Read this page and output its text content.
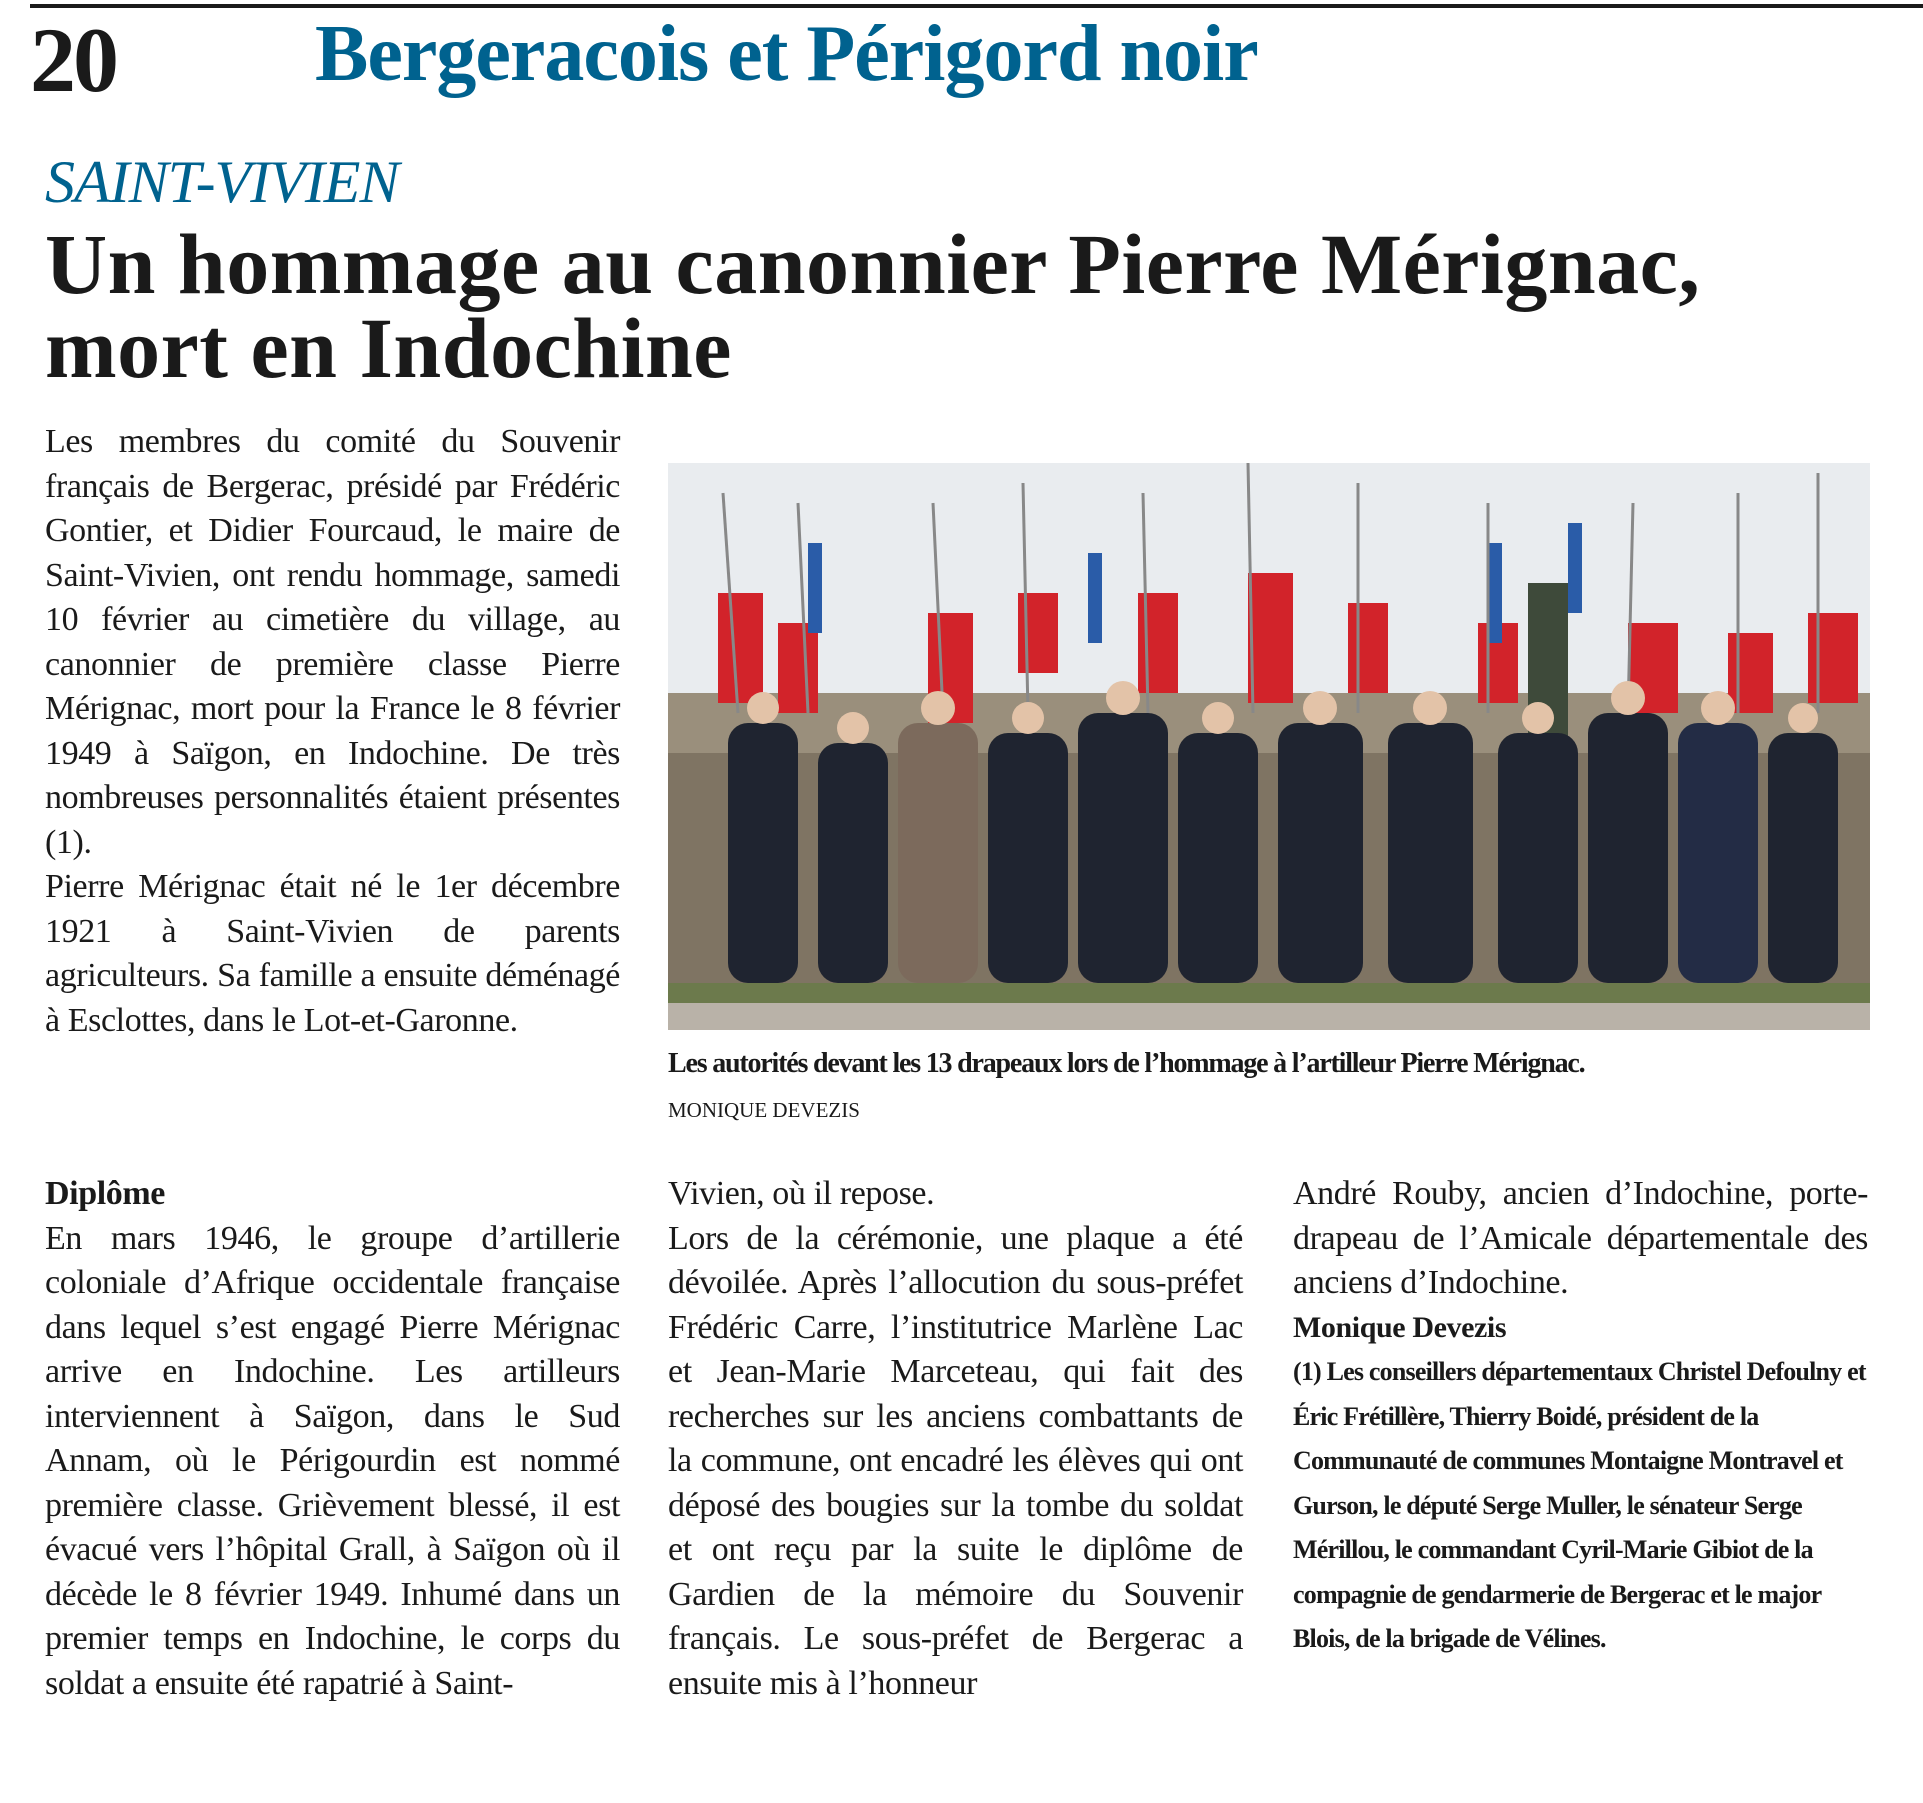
20 Bergeracois et Périgord noir
SAINT-VIVIEN
Un hommage au canonnier Pierre Mérignac,
mort en Indochine

Les membres du comité du Souvenir français de Bergerac, présidé par Frédéric Gontier, et Didier Fourcaud, le maire de Saint-Vivien, ont rendu hommage, samedi 10 février au cimetière du village, au canonnier de première classe Pierre Mérignac, mort pour la France le 8 février 1949 à Saïgon, en Indochine. De très nombreuses personnalités étaient présentes (1).

Pierre Mérignac était né le 1er décembre 1921 à Saint-Vivien de parents agriculteurs. Sa famille a ensuite déménagé à Esclottes, dans le Lot-et-Garonne.

Les autorités devant les 13 drapeaux lors de l’hommage à l’artilleur Pierre Mérignac.
MONIQUE DEVEZIS

Diplôme

En mars 1946, le groupe d’artillerie coloniale d’Afrique occidentale française dans lequel s’est engagé Pierre Mérignac arrive en Indochine. Les artilleurs interviennent à Saïgon, dans le Sud Annam, où le Périgourdin est nommé première classe. Grièvement blessé, il est évacué vers l’hôpital Grall, à Saïgon où il décède le 8 février 1949. Inhumé dans un premier temps en Indochine, le corps du soldat a ensuite été rapatrié à Saint-

Vivien, où il repose.

Lors de la cérémonie, une plaque a été dévoilée. Après l’allocution du sous-préfet Frédéric Carre, l’institutrice Marlène Lac et Jean-Marie Marceteau, qui fait des recherches sur les anciens combattants de la commune, ont encadré les élèves qui ont déposé des bougies sur la tombe du soldat et ont reçu par la suite le diplôme de Gardien de la mémoire du Souvenir français. Le sous-préfet de Bergerac a ensuite mis à l’honneur

André Rouby, ancien d’Indochine, porte-drapeau de l’Amicale départementale des anciens d’Indochine.

Monique Devezis

(1) Les conseillers départementaux Christel Defoulny et Éric Frétillère, Thierry Boidé, président de la Communauté de communes Montaigne Montravel et Gurson, le député Serge Muller, le sénateur Serge Mérillou, le commandant Cyril-Marie Gibiot de la compagnie de gendarmerie de Bergerac et le major Blois, de la brigade de Vélines.
